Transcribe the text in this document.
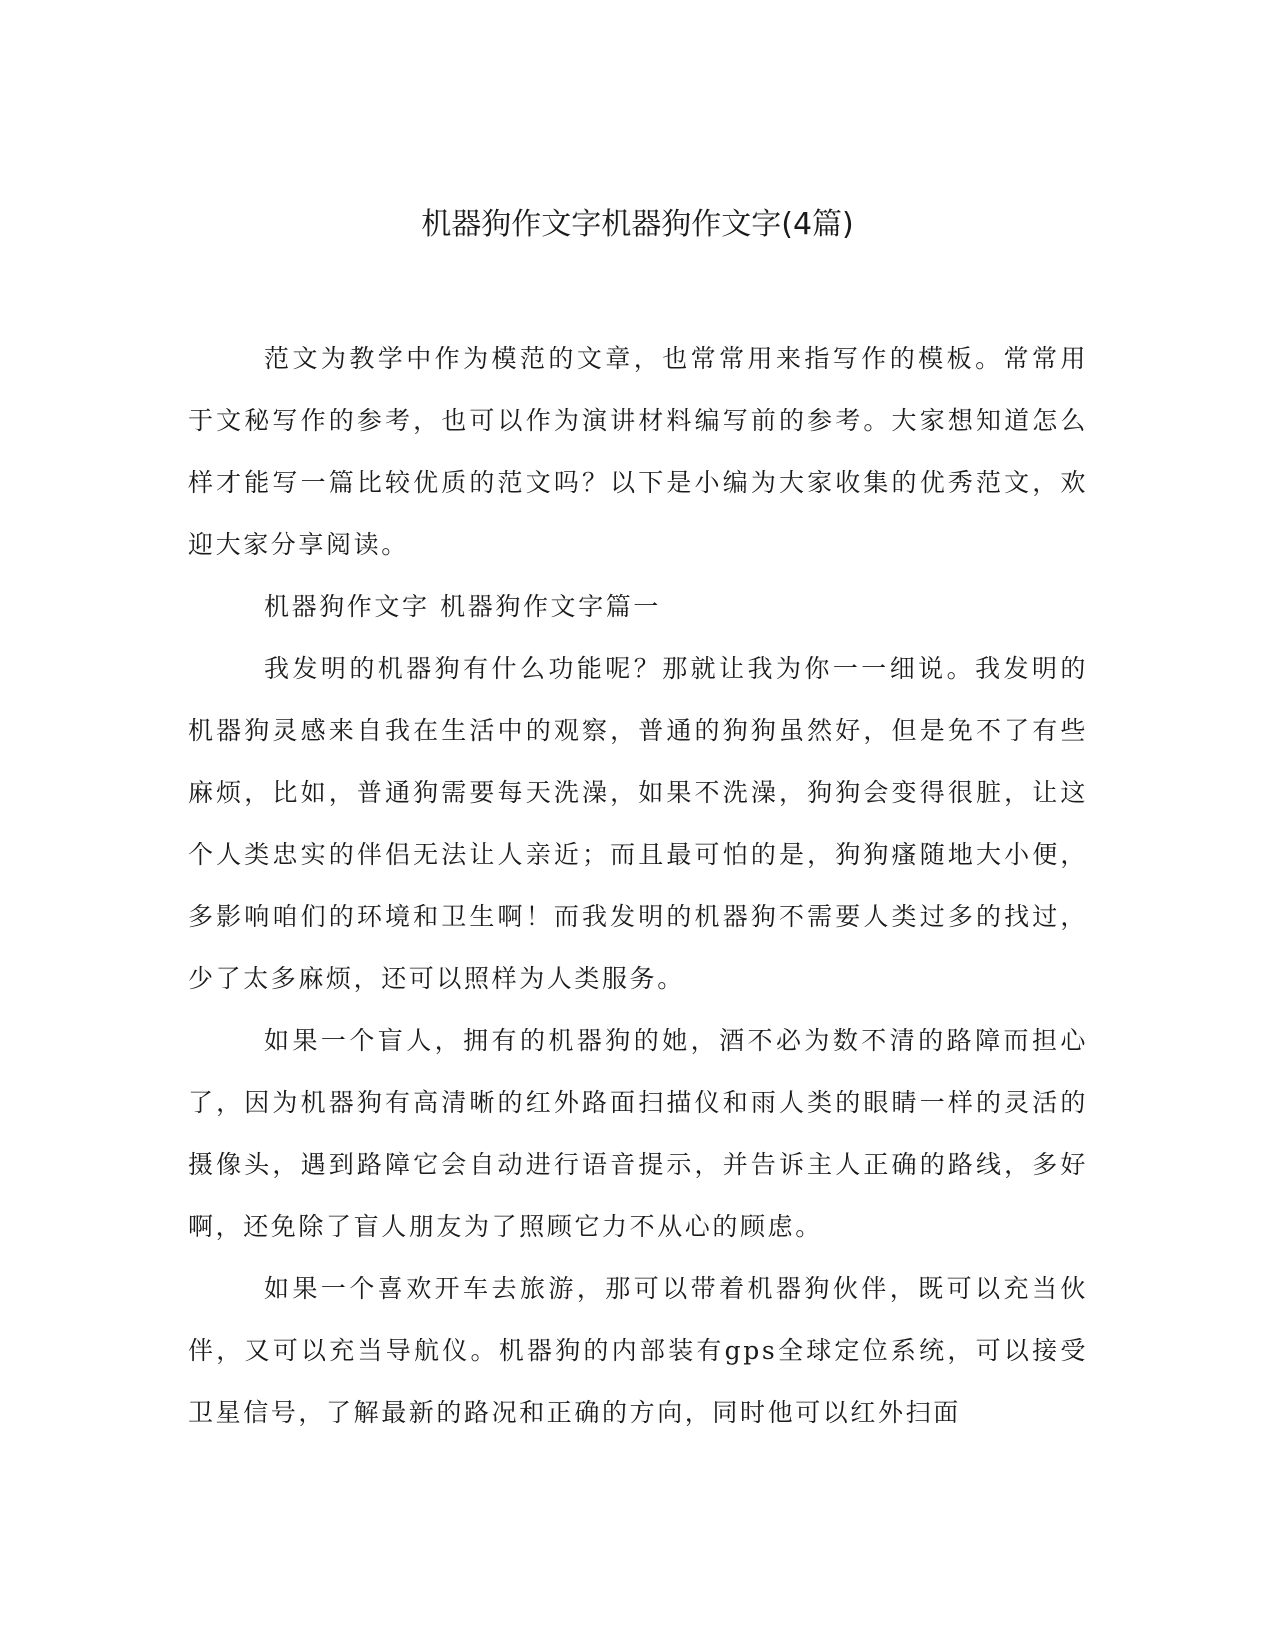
机器狗作文字机器狗作文字(4篇)

范文为教学中作为模范的文章，也常常用来指写作的模板。常常用于文秘写作的参考，也可以作为演讲材料编写前的参考。大家想知道怎么样才能写一篇比较优质的范文吗？以下是小编为大家收集的优秀范文，欢迎大家分享阅读。

机器狗作文字 机器狗作文字篇一

我发明的机器狗有什么功能呢？那就让我为你一一细说。我发明的机器狗灵感来自我在生活中的观察，普通的狗狗虽然好，但是免不了有些麻烦，比如，普通狗需要每天洗澡，如果不洗澡，狗狗会变得很脏，让这个人类忠实的伴侣无法让人亲近；而且最可怕的是，狗狗瘙随地大小便，多影响咱们的环境和卫生啊！而我发明的机器狗不需要人类过多的找过，少了太多麻烦，还可以照样为人类服务。

如果一个盲人，拥有的机器狗的她，酒不必为数不清的路障而担心了，因为机器狗有高清晰的红外路面扫描仪和雨人类的眼睛一样的灵活的摄像头，遇到路障它会自动进行语音提示，并告诉主人正确的路线，多好啊，还免除了盲人朋友为了照顾它力不从心的顾虑。

如果一个喜欢开车去旅游，那可以带着机器狗伙伴，既可以充当伙伴，又可以充当导航仪。机器狗的内部装有gps全球定位系统，可以接受卫星信号，了解最新的路况和正确的方向，同时他可以红外扫面
